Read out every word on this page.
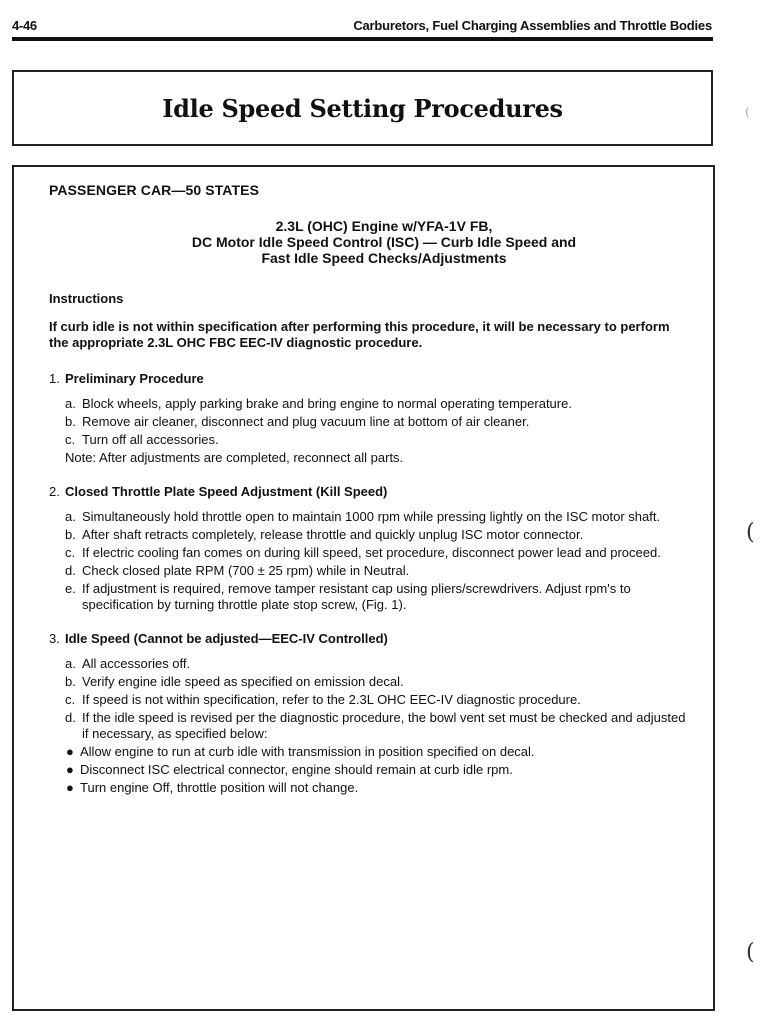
4-46	Carburetors, Fuel Charging Assemblies and Throttle Bodies
Idle Speed Setting Procedures	(
(
(

PASSENGER CAR—50 STATES

2.3L (OHC) Engine w/YFA-1V FB,
DC Motor Idle Speed Control (ISC) — Curb Idle Speed and
Fast Idle Speed Checks/Adjustments
Instructions
If curb idle is not within specification after performing this procedure, it will be necessary to perform the appropriate 2.3L OHC FBC EEC-IV diagnostic procedure.
1. Preliminary Procedure
a. Block wheels, apply parking brake and bring engine to normal operating temperature.
b. Remove air cleaner, disconnect and plug vacuum line at bottom of air cleaner.
c. Turn off all accessories.
Note: After adjustments are completed, reconnect all parts.
2. Closed Throttle Plate Speed Adjustment (Kill Speed)
a. Simultaneously hold throttle open to maintain 1000 rpm while pressing lightly on the ISC motor shaft.
b. After shaft retracts completely, release throttle and quickly unplug ISC motor connector.
c. If electric cooling fan comes on during kill speed, set procedure, disconnect power lead and proceed.
d. Check closed plate RPM (700 ± 25 rpm) while in Neutral.
e. If adjustment is required, remove tamper resistant cap using pliers/screwdrivers. Adjust rpm's to specification by turning throttle plate stop screw, (Fig. 1).
3. Idle Speed (Cannot be adjusted—EEC-IV Controlled)
a. All accessories off.
b. Verify engine idle speed as specified on emission decal.
c. If speed is not within specification, refer to the 2.3L OHC EEC-IV diagnostic procedure.
d. If the idle speed is revised per the diagnostic procedure, the bowl vent set must be checked and adjusted if necessary, as specified below:
● Allow engine to run at curb idle with transmission in position specified on decal.
● Disconnect ISC electrical connector, engine should remain at curb idle rpm.
● Turn engine Off, throttle position will not change.
